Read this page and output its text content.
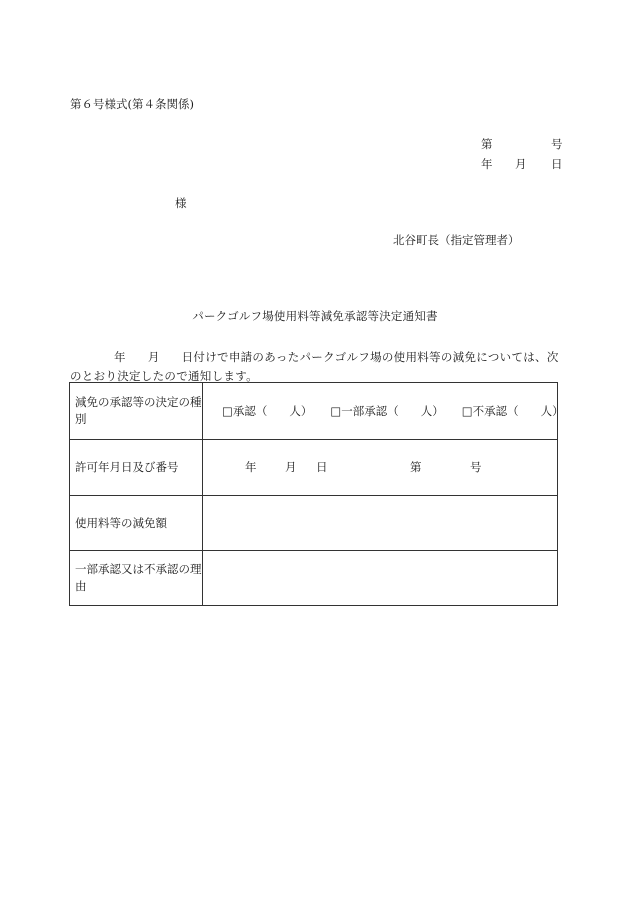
第６号様式(第４条関係)
第	号
年 月 日
様
北谷町長（指定管理者）
パークゴルフ場使用料等減免承認等決定通知書
年 月 日付けで申請のあったパークゴルフ場の使用料等の減免については、次のとおり決定したので通知します。
減免の承認等の決定の種別	□承認（ 人） □一部承認（ 人） □不承認（ 人）

許可年月日及び番号	年 月 日 第 号

使用料等の減免額	
一部承認又は不承認の理由	
